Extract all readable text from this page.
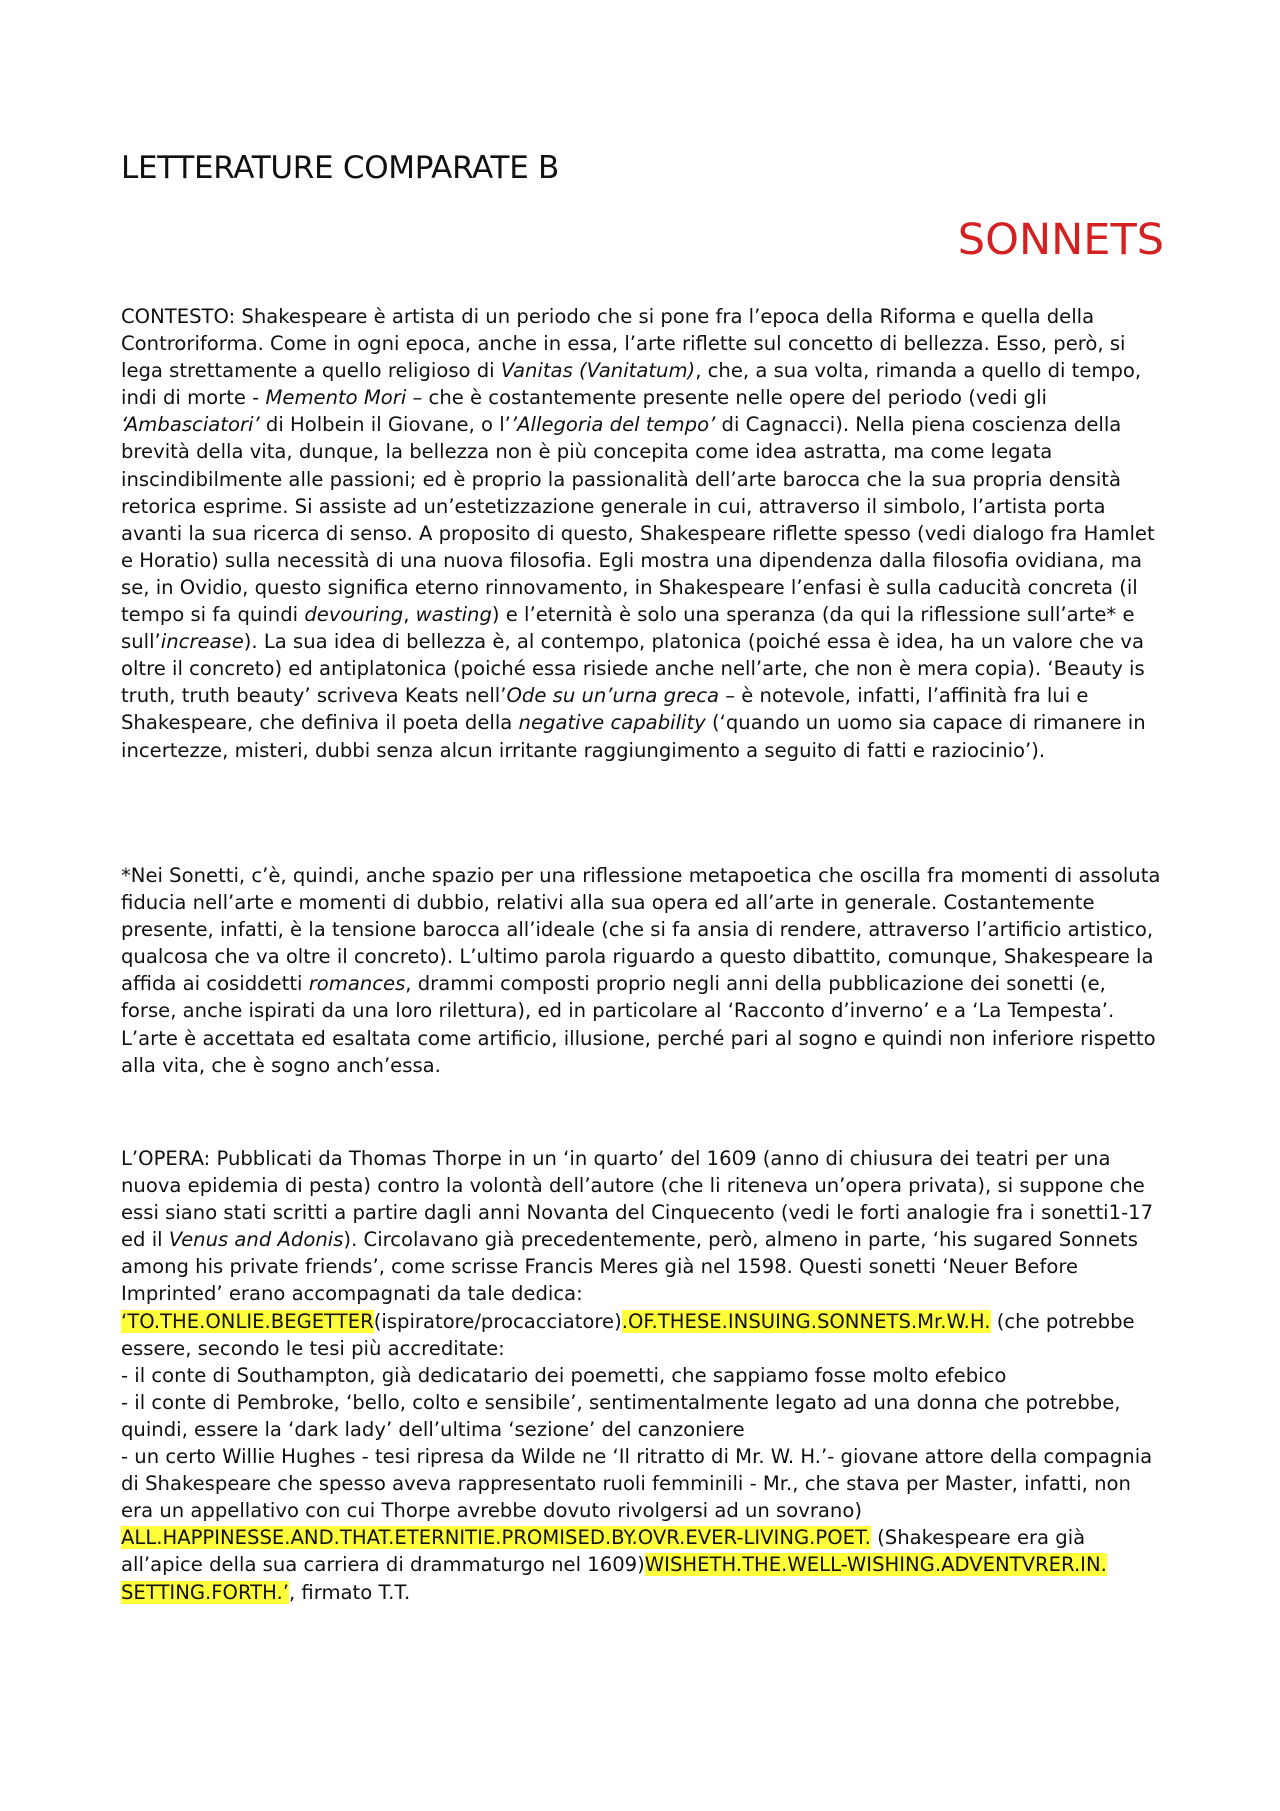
LETTERATURE COMPARATE B
SONNETS

CONTESTO: Shakespeare è artista di un periodo che si pone fra l’epoca della Riforma e quella della Controriforma. Come in ogni epoca, anche in essa, l’arte riflette sul concetto di bellezza. Esso, però, si lega strettamente a quello religioso di Vanitas (Vanitatum), che, a sua volta, rimanda a quello di tempo, indi di morte - Memento Mori – che è costantemente presente nelle opere del periodo (vedi gli ‘Ambasciatori’ di Holbein il Giovane, o l’’Allegoria del tempo’ di Cagnacci). Nella piena coscienza della brevità della vita, dunque, la bellezza non è più concepita come idea astratta, ma come legata inscindibilmente alle passioni; ed è proprio la passionalità dell’arte barocca che la sua propria densità retorica esprime. Si assiste ad un’estetizzazione generale in cui, attraverso il simbolo, l’artista porta avanti la sua ricerca di senso. A proposito di questo, Shakespeare riflette spesso (vedi dialogo fra Hamlet e Horatio) sulla necessità di una nuova filosofia. Egli mostra una dipendenza dalla filosofia ovidiana, ma se, in Ovidio, questo significa eterno rinnovamento, in Shakespeare l’enfasi è sulla caducità concreta (il tempo si fa quindi devouring, wasting) e l’eternità è solo una speranza (da qui la riflessione sull’arte* e sull’increase). La sua idea di bellezza è, al contempo, platonica (poiché essa è idea, ha un valore che va oltre il concreto) ed antiplatonica (poiché essa risiede anche nell’arte, che non è mera copia). ‘Beauty is truth, truth beauty’ scriveva Keats nell’Ode su un’urna greca – è notevole, infatti, l’affinità fra lui e Shakespeare, che definiva il poeta della negative capability (‘quando un uomo sia capace di rimanere in incertezze, misteri, dubbi senza alcun irritante raggiungimento a seguito di fatti e raziocinio’).

*Nei Sonetti, c’è, quindi, anche spazio per una riflessione metapoetica che oscilla fra momenti di assoluta fiducia nell’arte e momenti di dubbio, relativi alla sua opera ed all’arte in generale. Costantemente presente, infatti, è la tensione barocca all’ideale (che si fa ansia di rendere, attraverso l’artificio artistico, qualcosa che va oltre il concreto). L’ultimo parola riguardo a questo dibattito, comunque, Shakespeare la affida ai cosiddetti romances, drammi composti proprio negli anni della pubblicazione dei sonetti (e, forse, anche ispirati da una loro rilettura), ed in particolare al ‘Racconto d’inverno’ e a ‘La Tempesta’. L’arte è accettata ed esaltata come artificio, illusione, perché pari al sogno e quindi non inferiore rispetto alla vita, che è sogno anch’essa.

L’OPERA: Pubblicati da Thomas Thorpe in un ‘in quarto’ del 1609 (anno di chiusura dei teatri per una nuova epidemia di pesta) contro la volontà dell’autore (che li riteneva un’opera privata), si suppone che essi siano stati scritti a partire dagli anni Novanta del Cinquecento (vedi le forti analogie fra i sonetti1-17 ed il Venus and Adonis). Circolavano già precedentemente, però, almeno in parte, ‘his sugared Sonnets among his private friends’, come scrisse Francis Meres già nel 1598. Questi sonetti ‘Neuer Before Imprinted’ erano accompagnati da tale dedica: ‘TO.THE.ONLIE.BEGETTER(ispiratore/procacciatore).OF.THESE.INSUING.SONNETS.Mr.W.H. (che potrebbe essere, secondo le tesi più accreditate:
- il conte di Southampton, già dedicatario dei poemetti, che sappiamo fosse molto efebico
- il conte di Pembroke, ‘bello, colto e sensibile’, sentimentalmente legato ad una donna che potrebbe, quindi, essere la ‘dark lady’ dell’ultima ‘sezione’ del canzoniere
- un certo Willie Hughes - tesi ripresa da Wilde ne ‘Il ritratto di Mr. W. H.’- giovane attore della compagnia di Shakespeare che spesso aveva rappresentato ruoli femminili - Mr., che stava per Master, infatti, non era un appellativo con cui Thorpe avrebbe dovuto rivolgersi ad un sovrano)
ALL.HAPPINESSE.AND.THAT.ETERNITIE.PROMISED.BY.OVR.EVER-LIVING.POET. (Shakespeare era già all’apice della sua carriera di drammaturgo nel 1609)WISHETH.THE.WELL-WISHING.ADVENTVRER.IN.
SETTING.FORTH.’, firmato T.T.
